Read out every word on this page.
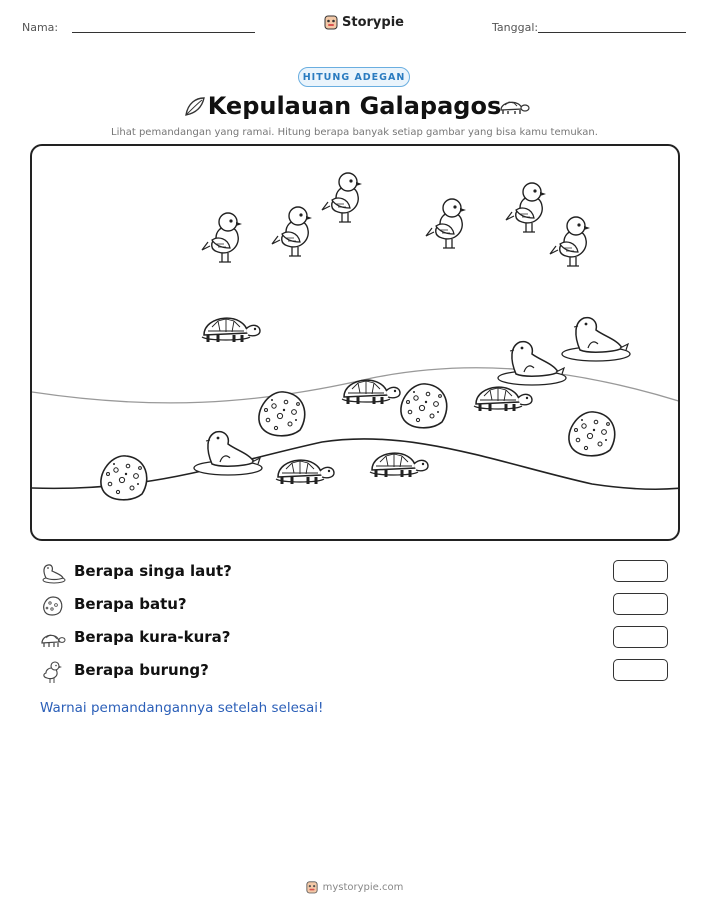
Nama:	Storypie	Tanggal:
HITUNG ADEGAN
Kepulauan Galapagos
Lihat pemandangan yang ramai. Hitung berapa banyak setiap gambar yang bisa kamu temukan.
Berapa singa laut?
Berapa batu?
Berapa kura-kura?
Berapa burung?
Warnai pemandangannya setelah selesai!
mystorypie.com
